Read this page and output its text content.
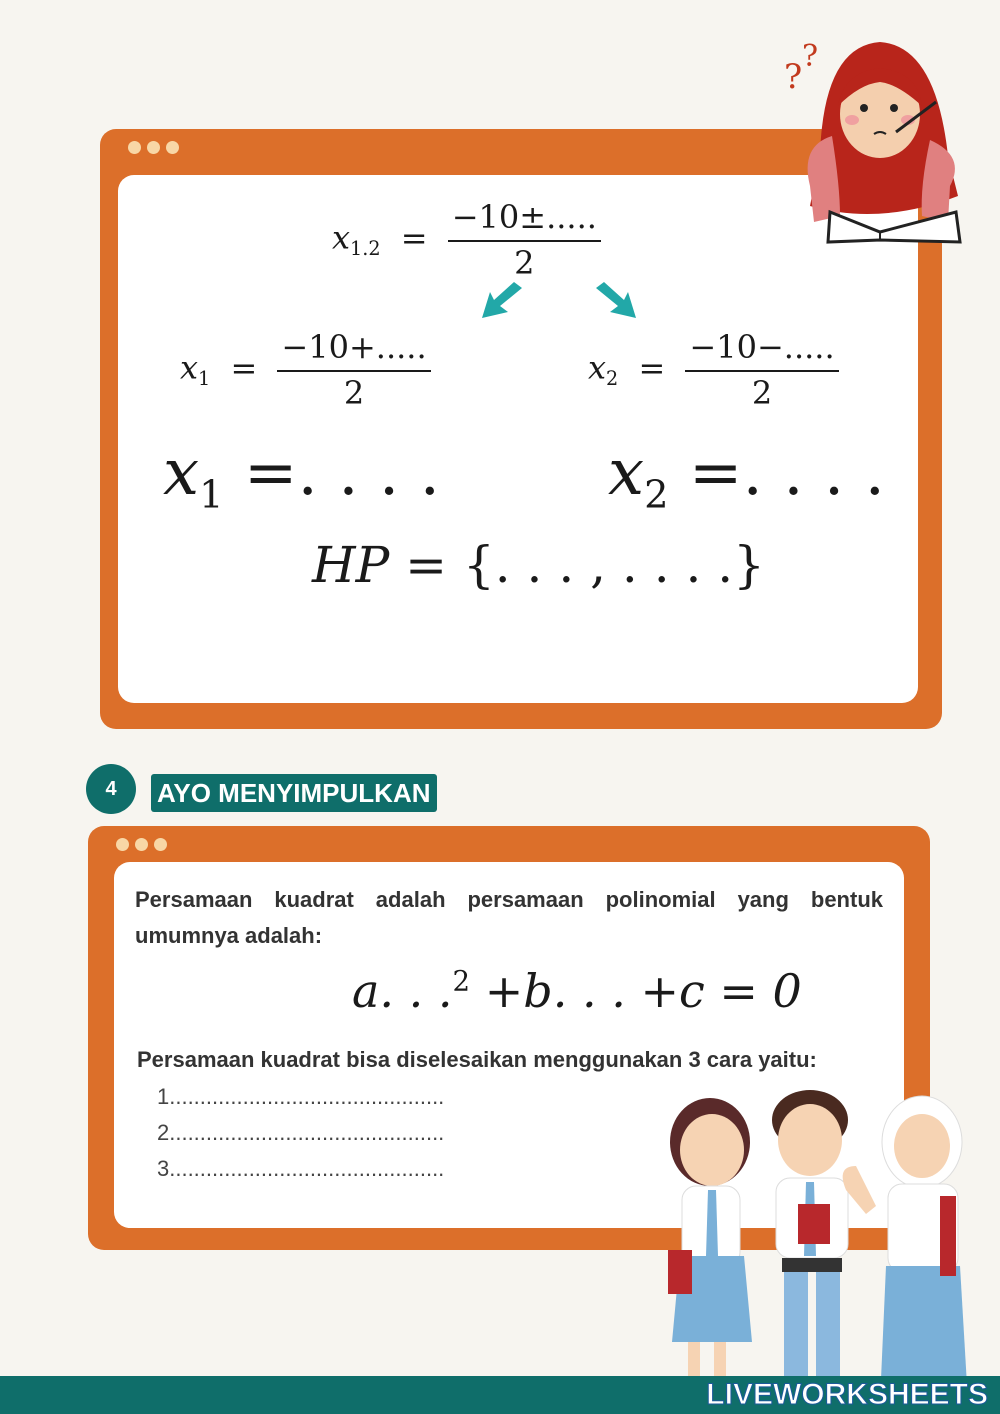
$x_{1.2} = \frac{-10\pm.....}{2}$
$x_1 = \frac{-10+.....}{2}$	$x_2 = \frac{-10-.....}{2}$
$x_1$ =. . . .	$x_2$ =. . . .
HP = {. . . , . . . .}
?
?
4	AYO MENYIMPULKAN
Persamaan kuadrat adalah persamaan polinomial yang bentuk umumnya adalah:
a. . .$^2$ +b. . . +c = 0
Persamaan kuadrat bisa diselesaikan menggunakan 3 cara yaitu:
1.............................................
2.............................................
3.............................................
LIVEWORKSHEETS
